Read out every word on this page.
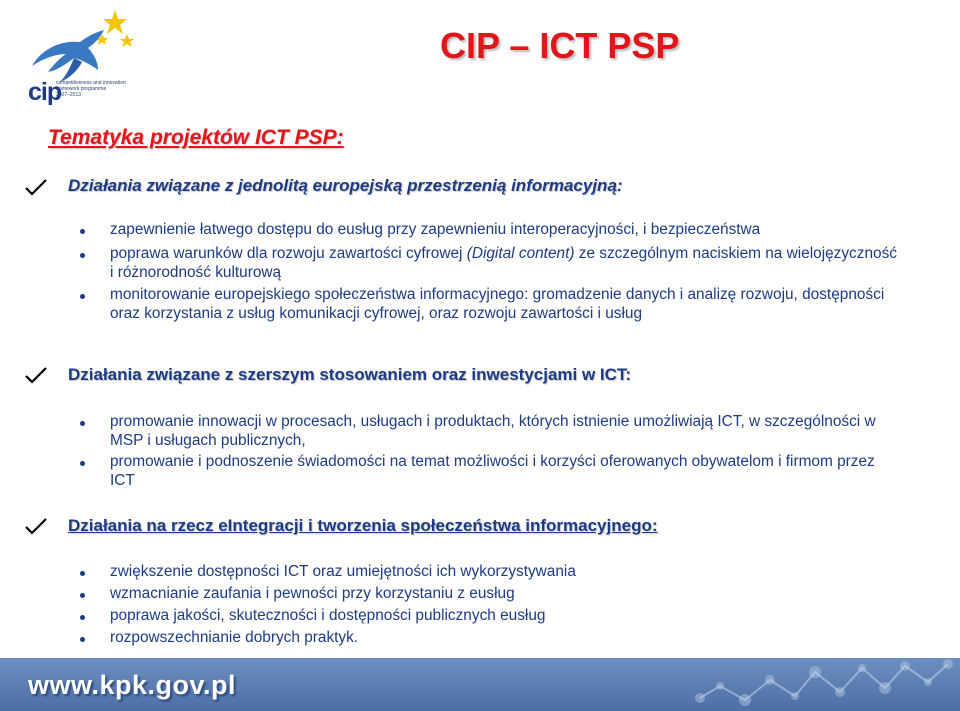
cip
competitiveness and innovation
framework programme
2007–2013
CIP – ICT PSP
Tematyka projektów ICT PSP:
Działania związane z jednolitą europejską przestrzenią informacyjną:
zapewnienie łatwego dostępu do eusług przy zapewnieniu interoperacyjności, i bezpieczeństwa
poprawa warunków dla rozwoju zawartości cyfrowej (Digital content) ze szczególnym naciskiem na wielojęzyczność i różnorodność kulturową
monitorowanie europejskiego społeczeństwa informacyjnego: gromadzenie danych i analizę rozwoju, dostępności oraz korzystania z usług komunikacji cyfrowej, oraz rozwoju zawartości i usług
Działania związane z szerszym stosowaniem oraz inwestycjami w ICT:
promowanie innowacji w procesach, usługach i produktach, których istnienie umożliwiają ICT, w szczególności w MSP i usługach publicznych,
promowanie i podnoszenie świadomości na temat możliwości i korzyści oferowanych obywatelom i firmom przez ICT
Działania na rzecz eIntegracji i tworzenia społeczeństwa informacyjnego:
zwiększenie dostępności ICT oraz umiejętności ich wykorzystywania
wzmacnianie zaufania i pewności przy korzystaniu z eusług
poprawa jakości, skuteczności i dostępności publicznych eusług
rozpowszechnianie dobrych praktyk.
www.kpk.gov.pl
